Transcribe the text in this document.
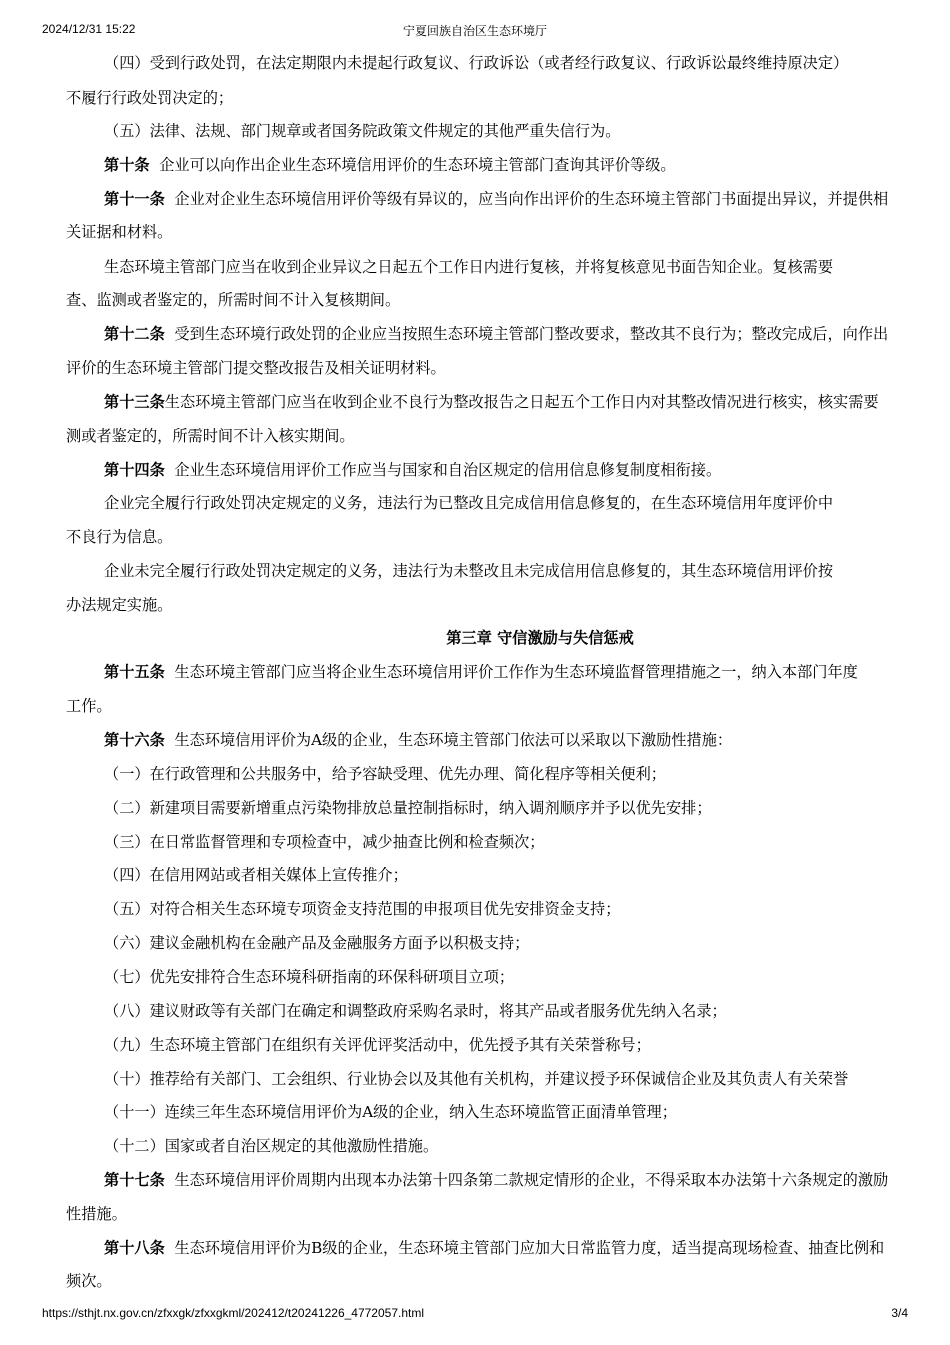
2024/12/31 15:22	宁夏回族自治区生态环境厅
（四）受到行政处罚，在法定期限内未提起行政复议、行政诉讼（或者经行政复议、行政诉讼最终维持原决定）
不履行行政处罚决定的；
（五）法律、法规、部门规章或者国务院政策文件规定的其他严重失信行为。
第十条 企业可以向作出企业生态环境信用评价的生态环境主管部门查询其评价等级。
第十一条 企业对企业生态环境信用评价等级有异议的，应当向作出评价的生态环境主管部门书面提出异议，并提供相
关证据和材料。
生态环境主管部门应当在收到企业异议之日起五个工作日内进行复核，并将复核意见书面告知企业。复核需要
查、监测或者鉴定的，所需时间不计入复核期间。
第十二条 受到生态环境行政处罚的企业应当按照生态环境主管部门整改要求，整改其不良行为；整改完成后，向作出
评价的生态环境主管部门提交整改报告及相关证明材料。
第十三条生态环境主管部门应当在收到企业不良行为整改报告之日起五个工作日内对其整改情况进行核实，核实需要
测或者鉴定的，所需时间不计入核实期间。
第十四条 企业生态环境信用评价工作应当与国家和自治区规定的信用信息修复制度相衔接。
企业完全履行行政处罚决定规定的义务，违法行为已整改且完成信用信息修复的，在生态环境信用年度评价中
不良行为信息。
企业未完全履行行政处罚决定规定的义务，违法行为未整改且未完成信用信息修复的，其生态环境信用评价按
办法规定实施。
第三章 守信激励与失信惩戒
第十五条 生态环境主管部门应当将企业生态环境信用评价工作作为生态环境监督管理措施之一，纳入本部门年度
工作。
第十六条 生态环境信用评价为A级的企业，生态环境主管部门依法可以采取以下激励性措施：
（一）在行政管理和公共服务中，给予容缺受理、优先办理、简化程序等相关便利；
（二）新建项目需要新增重点污染物排放总量控制指标时，纳入调剂顺序并予以优先安排；
（三）在日常监督管理和专项检查中，减少抽查比例和检查频次；
（四）在信用网站或者相关媒体上宣传推介；
（五）对符合相关生态环境专项资金支持范围的申报项目优先安排资金支持；
（六）建议金融机构在金融产品及金融服务方面予以积极支持；
（七）优先安排符合生态环境科研指南的环保科研项目立项；
（八）建议财政等有关部门在确定和调整政府采购名录时，将其产品或者服务优先纳入名录；
（九）生态环境主管部门在组织有关评优评奖活动中，优先授予其有关荣誉称号；
（十）推荐给有关部门、工会组织、行业协会以及其他有关机构，并建议授予环保诚信企业及其负责人有关荣誉
（十一）连续三年生态环境信用评价为A级的企业，纳入生态环境监管正面清单管理；
（十二）国家或者自治区规定的其他激励性措施。
第十七条 生态环境信用评价周期内出现本办法第十四条第二款规定情形的企业，不得采取本办法第十六条规定的激励
性措施。
第十八条 生态环境信用评价为B级的企业，生态环境主管部门应加大日常监管力度，适当提高现场检查、抽查比例和
频次。
https://sthjt.nx.gov.cn/zfxxgk/zfxxgkml/202412/t20241226_4772057.html	3/4
